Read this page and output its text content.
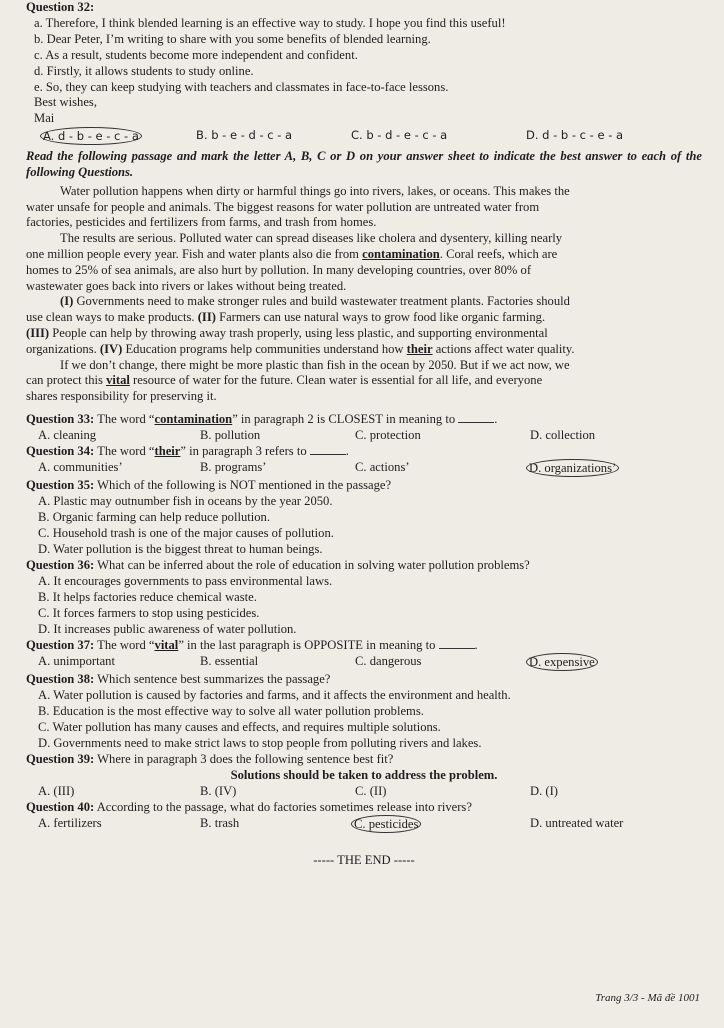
Question 32:
a. Therefore, I think blended learning is an effective way to study. I hope you find this useful!
b. Dear Peter, I’m writing to share with you some benefits of blended learning.
c. As a result, students become more independent and confident.
d. Firstly, it allows students to study online.
e. So, they can keep studying with teachers and classmates in face-to-face lessons.
Best wishes,
Mai
A. d - b - e - c - a	B. b - e - d - c - a	C. b - d - e - c - a	D. d - b - c - e - a
Read the following passage and mark the letter A, B, C or D on your answer sheet to indicate the best answer to each of the following Questions.
Water pollution happens when dirty or harmful things go into rivers, lakes, or oceans. This makes the
water unsafe for people and animals. The biggest reasons for water pollution are untreated water from
factories, pesticides and fertilizers from farms, and trash from homes.
The results are serious. Polluted water can spread diseases like cholera and dysentery, killing nearly
one million people every year. Fish and water plants also die from contamination. Coral reefs, which are
homes to 25% of sea animals, are also hurt by pollution. In many developing countries, over 80% of
wastewater goes back into rivers or lakes without being treated.
(I) Governments need to make stronger rules and build wastewater treatment plants. Factories should
use clean ways to make products. (II) Farmers can use natural ways to grow food like organic farming.
(III) People can help by throwing away trash properly, using less plastic, and supporting environmental
organizations. (IV) Education programs help communities understand how their actions affect water quality.
If we don’t change, there might be more plastic than fish in the ocean by 2050. But if we act now, we
can protect this vital resource of water for the future. Clean water is essential for all life, and everyone
shares responsibility for preserving it.
Question 33: The word “contamination” in paragraph 2 is CLOSEST in meaning to	.
A. cleaning	B. pollution	C. protection	D. collection
Question 34: The word “their” in paragraph 3 refers to	.
A. communities’	B. programs’	C. actions’	D. organizations’
Question 35: Which of the following is NOT mentioned in the passage?
A. Plastic may outnumber fish in oceans by the year 2050.
B. Organic farming can help reduce pollution.
C. Household trash is one of the major causes of pollution.
D. Water pollution is the biggest threat to human beings.
Question 36: What can be inferred about the role of education in solving water pollution problems?
A. It encourages governments to pass environmental laws.
B. It helps factories reduce chemical waste.
C. It forces farmers to stop using pesticides.
D. It increases public awareness of water pollution.
Question 37: The word “vital” in the last paragraph is OPPOSITE in meaning to	.
A. unimportant	B. essential	C. dangerous	D. expensive
Question 38: Which sentence best summarizes the passage?
A. Water pollution is caused by factories and farms, and it affects the environment and health.
B. Education is the most effective way to solve all water pollution problems.
C. Water pollution has many causes and effects, and requires multiple solutions.
D. Governments need to make strict laws to stop people from polluting rivers and lakes.
Question 39: Where in paragraph 3 does the following sentence best fit?
Solutions should be taken to address the problem.
A. (III)	B. (IV)	C. (II)	D. (I)
Question 40: According to the passage, what do factories sometimes release into rivers?
A. fertilizers	B. trash	C. pesticides	D. untreated water
----- THE END -----
Trang 3/3 - Mã đề 1001
